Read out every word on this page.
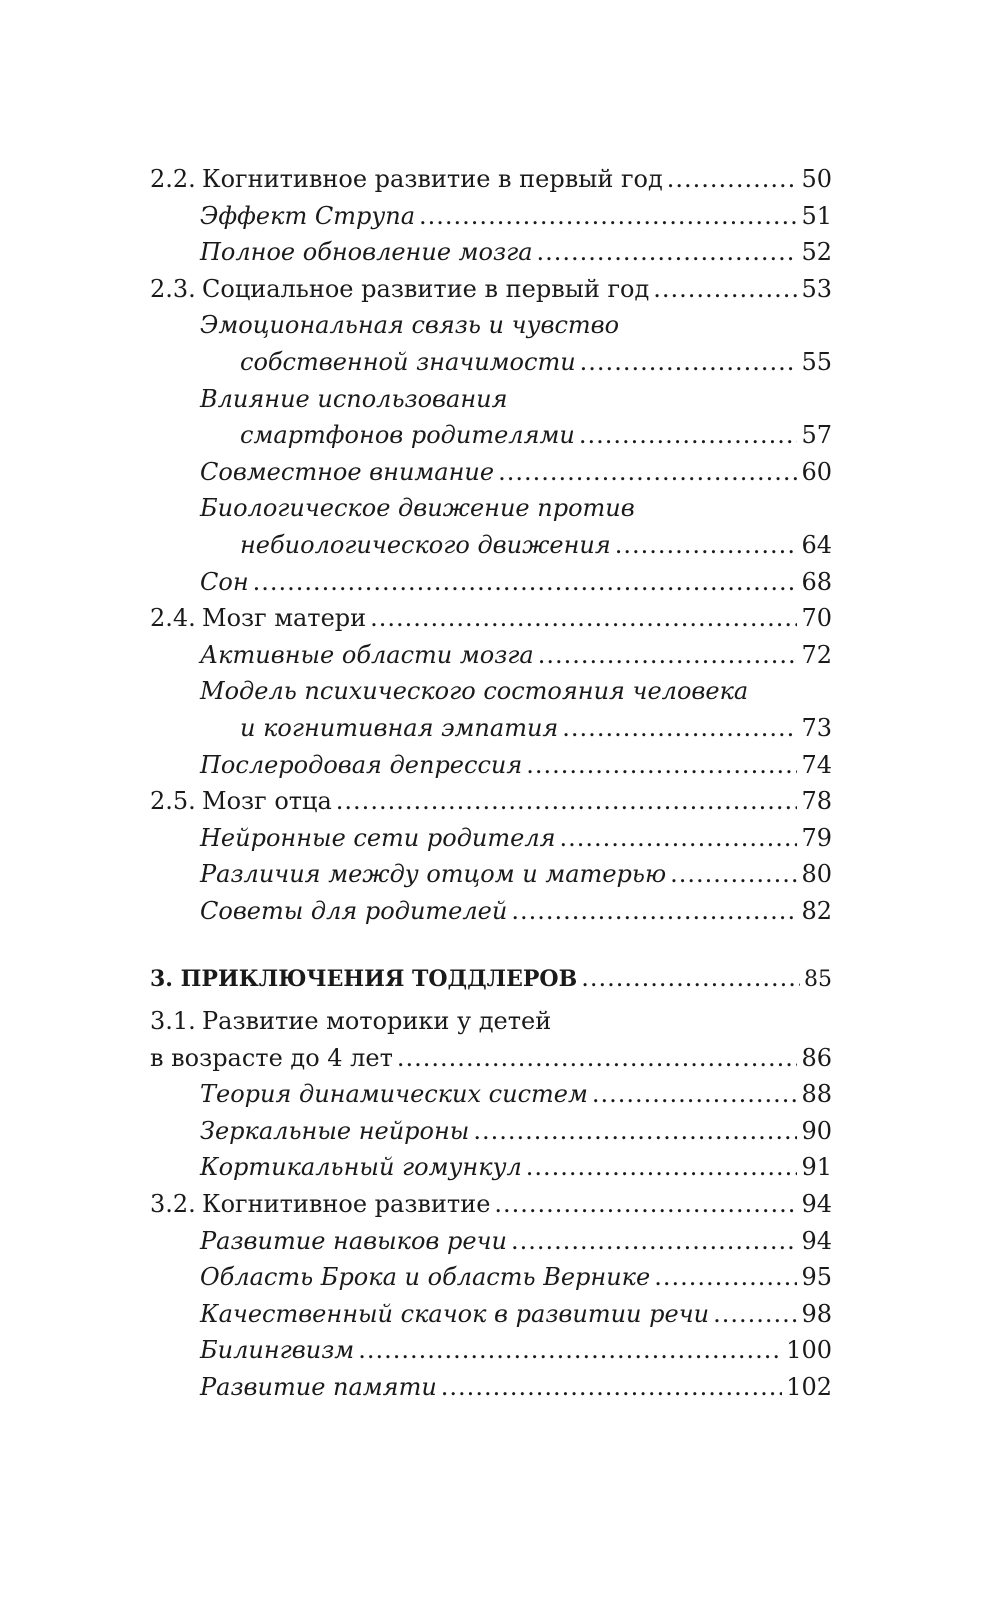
2.2. Когнитивное развитие в первый год .....	50
Эффект Струпа .....	51
Полное обновление мозга .....	52
2.3. Социальное развитие в первый год .....	53
Эмоциональная связь и чувство
собственной значимости .....	55
Влияние использования
смартфонов родителями .....	57
Совместное внимание .....	60
Биологическое движение против
небиологического движения .....	64
Сон .....	68
2.4. Мозг матери .....	70
Активные области мозга .....	72
Модель психического состояния человека
и когнитивная эмпатия .....	73
Послеродовая депрессия .....	74
2.5. Мозг отца .....	78
Нейронные сети родителя .....	79
Различия между отцом и матерью .....	80
Советы для родителей .....	82
3. ПРИКЛЮЧЕНИЯ ТОДДЛЕРОВ .....	85
3.1. Развитие моторики у детей
в возрасте до 4 лет .....	86
Теория динамических систем .....	88
Зеркальные нейроны .....	90
Кортикальный гомункул .....	91
3.2. Когнитивное развитие .....	94
Развитие навыков речи .....	94
Область Брока и область Вернике .....	95
Качественный скачок в развитии речи .....	98
Билингвизм .....	100
Развитие памяти .....	102
